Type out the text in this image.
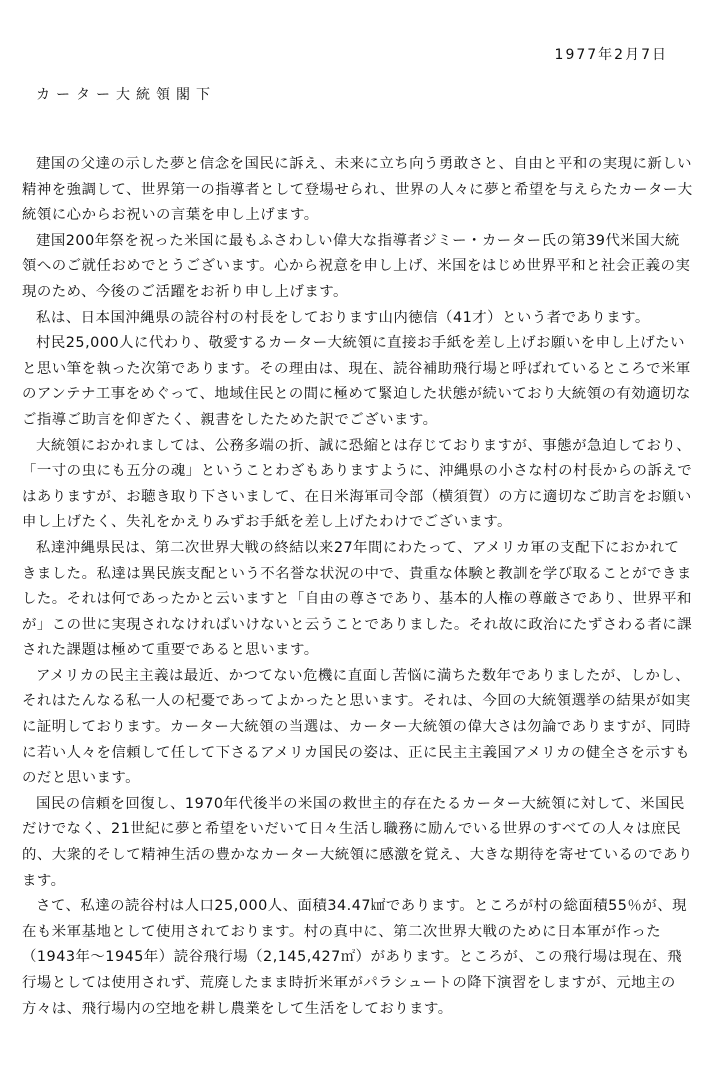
1977年2月7日
カーター大統領閣下

建国の父達の示した夢と信念を国民に訴え、未来に立ち向う勇敢さと、自由と平和の実現に新しい精神を強調して、世界第一の指導者として登場せられ、世界の人々に夢と希望を与えらたカーター大統領に心からお祝いの言葉を申し上げます。

建国200年祭を祝った米国に最もふさわしい偉大な指導者ジミー・カーター氏の第39代米国大統領へのご就任おめでとうございます。心から祝意を申し上げ、米国をはじめ世界平和と社会正義の実現のため、今後のご活躍をお祈り申し上げます。

私は、日本国沖縄県の読谷村の村長をしております山内徳信（41才）という者であります。

村民25,000人に代わり、敬愛するカーター大統領に直接お手紙を差し上げお願いを申し上げたいと思い筆を執った次第であります。その理由は、現在、読谷補助飛行場と呼ばれているところで米軍のアンテナ工事をめぐって、地域住民との間に極めて緊迫した状態が続いており大統領の有効適切なご指導ご助言を仰ぎたく、親書をしたためた訳でございます。

大統領におかれましては、公務多端の折、誠に恐縮とは存じておりますが、事態が急迫しており、「一寸の虫にも五分の魂」ということわざもありますように、沖縄県の小さな村の村長からの訴えではありますが、お聴き取り下さいまして、在日米海軍司令部（横須賀）の方に適切なご助言をお願い申し上げたく、失礼をかえりみずお手紙を差し上げたわけでございます。

私達沖縄県民は、第二次世界大戦の終結以来27年間にわたって、アメリカ軍の支配下におかれてきました。私達は異民族支配という不名誉な状況の中で、貴重な体験と教訓を学び取ることができました。それは何であったかと云いますと「自由の尊さであり、基本的人権の尊厳さであり、世界平和が」この世に実現されなければいけないと云うことでありました。それ故に政治にたずさわる者に課された課題は極めて重要であると思います。

アメリカの民主主義は最近、かつてない危機に直面し苦悩に満ちた数年でありましたが、しかし、それはたんなる私一人の杞憂であってよかったと思います。それは、今回の大統領選挙の結果が如実に証明しております。カーター大統領の当選は、カーター大統領の偉大さは勿論でありますが、同時に若い人々を信頼して任して下さるアメリカ国民の姿は、正に民主主義国アメリカの健全さを示すものだと思います。

国民の信頼を回復し、1970年代後半の米国の救世主的存在たるカーター大統領に対して、米国民だけでなく、21世紀に夢と希望をいだいて日々生活し職務に励んでいる世界のすべての人々は庶民的、大衆的そして精神生活の豊かなカーター大統領に感激を覚え、大きな期待を寄せているのであります。

さて、私達の読谷村は人口25,000人、面積34.47㎢であります。ところが村の総面積55％が、現在も米軍基地として使用されております。村の真中に、第二次世界大戦のために日本軍が作った（1943年〜1945年）読谷飛行場（2,145,427㎡）があります。ところが、この飛行場は現在、飛行場としては使用されず、荒廃したまま時折米軍がパラシュートの降下演習をしますが、元地主の方々は、飛行場内の空地を耕し農業をして生活をしております。
